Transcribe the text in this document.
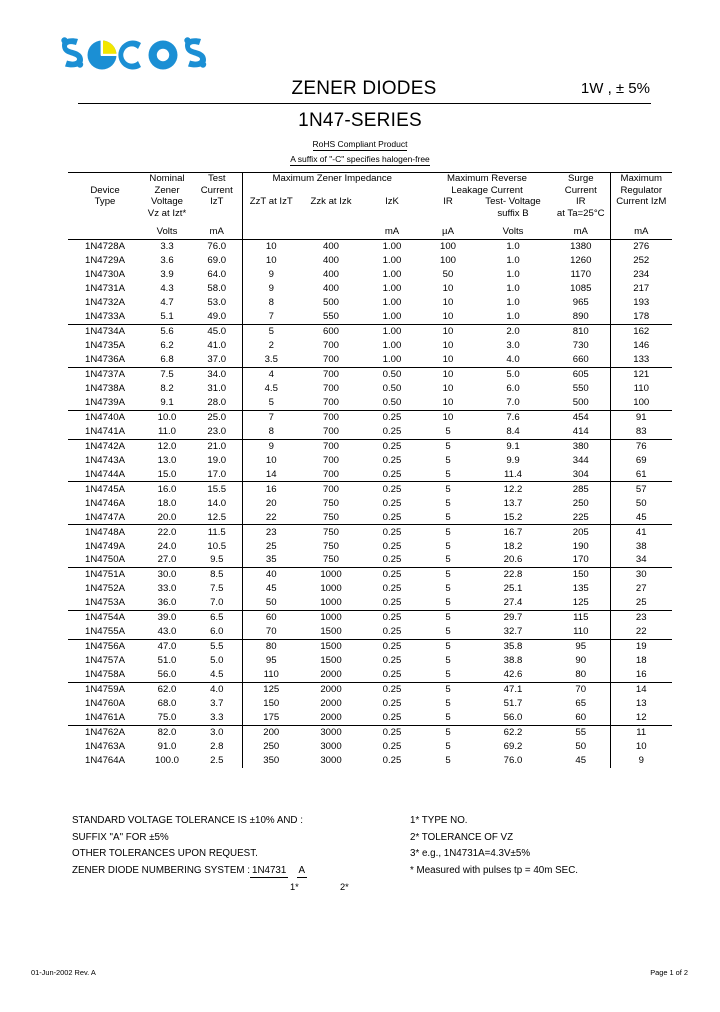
ZENER DIODES	1W , ± 5%
1N47-SERIES
RoHS Compliant Product
A suffix of "-C" specifies halogen-free
Device
Type	Nominal	Test	Maximum Zener Impedance			Maximum Reverse		Surge	Maximum
	Zener	Current				Leakage Current		Current	Regulator
	Voltage	IzT	ZzT at IzT	Zzk at Izk	IzK	IR	Test- Voltage	IR	Current IzM
	Vz at Izt*						suffix B	at Ta=25°C	
	Volts	mA			mA	µA	Volts	mA	mA
1N4728A	3.3	76.0	10	400	1.00	100	1.0	1380	276
1N4729A	3.6	69.0	10	400	1.00	100	1.0	1260	252
1N4730A	3.9	64.0	9	400	1.00	50	1.0	1170	234
1N4731A	4.3	58.0	9	400	1.00	10	1.0	1085	217
1N4732A	4.7	53.0	8	500	1.00	10	1.0	965	193
1N4733A	5.1	49.0	7	550	1.00	10	1.0	890	178
1N4734A	5.6	45.0	5	600	1.00	10	2.0	810	162
1N4735A	6.2	41.0	2	700	1.00	10	3.0	730	146
1N4736A	6.8	37.0	3.5	700	1.00	10	4.0	660	133
1N4737A	7.5	34.0	4	700	0.50	10	5.0	605	121
1N4738A	8.2	31.0	4.5	700	0.50	10	6.0	550	110
1N4739A	9.1	28.0	5	700	0.50	10	7.0	500	100
1N4740A	10.0	25.0	7	700	0.25	10	7.6	454	91
1N4741A	11.0	23.0	8	700	0.25	5	8.4	414	83
1N4742A	12.0	21.0	9	700	0.25	5	9.1	380	76
1N4743A	13.0	19.0	10	700	0.25	5	9.9	344	69
1N4744A	15.0	17.0	14	700	0.25	5	11.4	304	61
1N4745A	16.0	15.5	16	700	0.25	5	12.2	285	57
1N4746A	18.0	14.0	20	750	0.25	5	13.7	250	50
1N4747A	20.0	12.5	22	750	0.25	5	15.2	225	45
1N4748A	22.0	11.5	23	750	0.25	5	16.7	205	41
1N4749A	24.0	10.5	25	750	0.25	5	18.2	190	38
1N4750A	27.0	9.5	35	750	0.25	5	20.6	170	34
1N4751A	30.0	8.5	40	1000	0.25	5	22.8	150	30
1N4752A	33.0	7.5	45	1000	0.25	5	25.1	135	27
1N4753A	36.0	7.0	50	1000	0.25	5	27.4	125	25
1N4754A	39.0	6.5	60	1000	0.25	5	29.7	115	23
1N4755A	43.0	6.0	70	1500	0.25	5	32.7	110	22
1N4756A	47.0	5.5	80	1500	0.25	5	35.8	95	19
1N4757A	51.0	5.0	95	1500	0.25	5	38.8	90	18
1N4758A	56.0	4.5	110	2000	0.25	5	42.6	80	16
1N4759A	62.0	4.0	125	2000	0.25	5	47.1	70	14
1N4760A	68.0	3.7	150	2000	0.25	5	51.7	65	13
1N4761A	75.0	3.3	175	2000	0.25	5	56.0	60	12
1N4762A	82.0	3.0	200	3000	0.25	5	62.2	55	11
1N4763A	91.0	2.8	250	3000	0.25	5	69.2	50	10
1N4764A	100.0	2.5	350	3000	0.25	5	76.0	45	9
STANDARD VOLTAGE TOLERANCE IS ±10% AND :
SUFFIX "A" FOR ±5%
OTHER TOLERANCES UPON REQUEST.
ZENER DIODE NUMBERING SYSTEM : 1N4731 A
1*	2*
1* TYPE NO.
2* TOLERANCE OF VZ
3* e.g., 1N4731A=4.3V±5%
* Measured with pulses tp = 40m SEC.
01-Jun-2002 Rev. A	Page 1 of 2
